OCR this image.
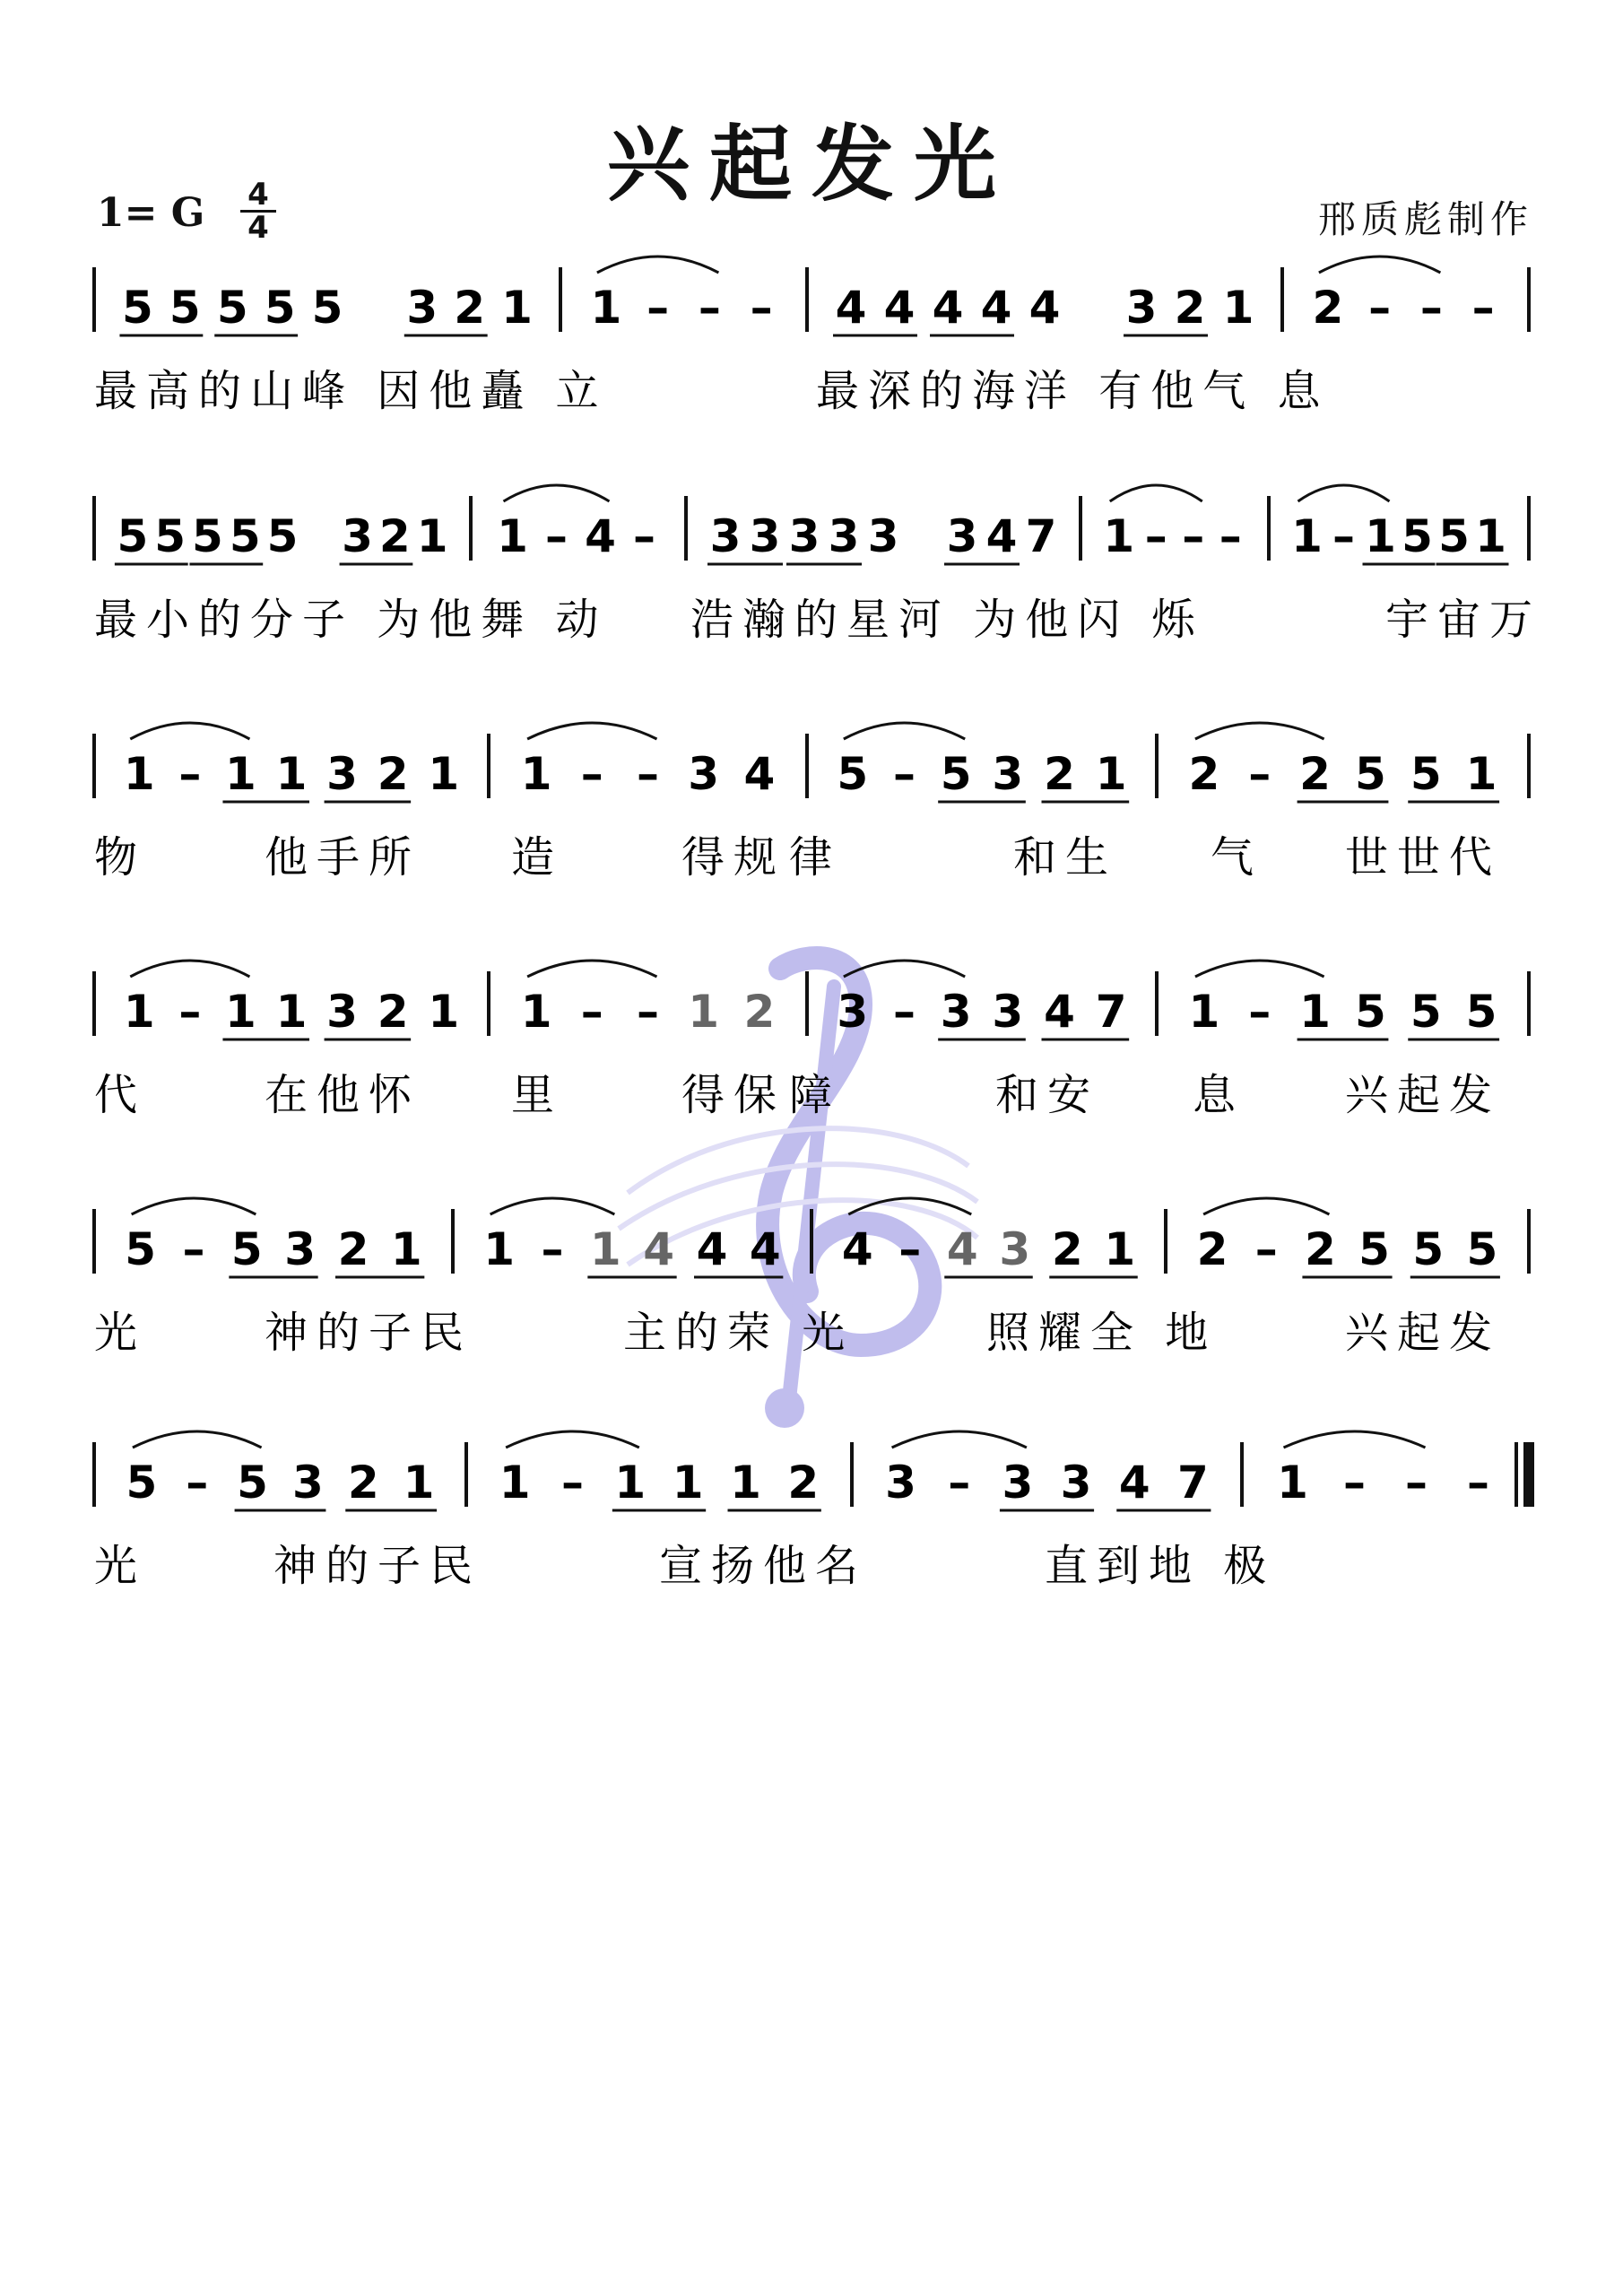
兴起发光
1= G $\frac{4}{4}$	邢质彪制作
5 5 5 5 5 3 2 1 1 – – – 4 4 4 4 4 3 2 1 2 – – –
最高的山峰 因他矗 立	最深的海洋 有他气 息
5 5 5 5 5 3 2 1 1 – 4 – 3 3 3 3 3 3 4 7 1 – – – 1 – 1 5 5 1
最小的分子 为他舞 动 浩瀚的星河 为他闪 烁	宇宙万
1 – 1 1 3 2 1 1 – – 3 4 5 – 5 3 2 1 2 – 2 5 5 1
物	他手所 造	得规 律	和生 气 世世代
1 – 1 1 3 2 1 1 – – 1 2 3 – 3 3 4 7 1 – 1 5 5 5
代	在他怀 里	得保 障	和安 息 兴起发
5 – 5 3 2 1 1 – 1 4 4 4 4 – 4 3 2 1 2 – 2 5 5 5
光	神的子民	主的荣 光	照耀全 地	兴起发
5 – 5 3 2 1 1 – 1 1 1 2 3 – 3 3 4 7 1 – – –
光	神的子民	宣扬他名	直到地 极
